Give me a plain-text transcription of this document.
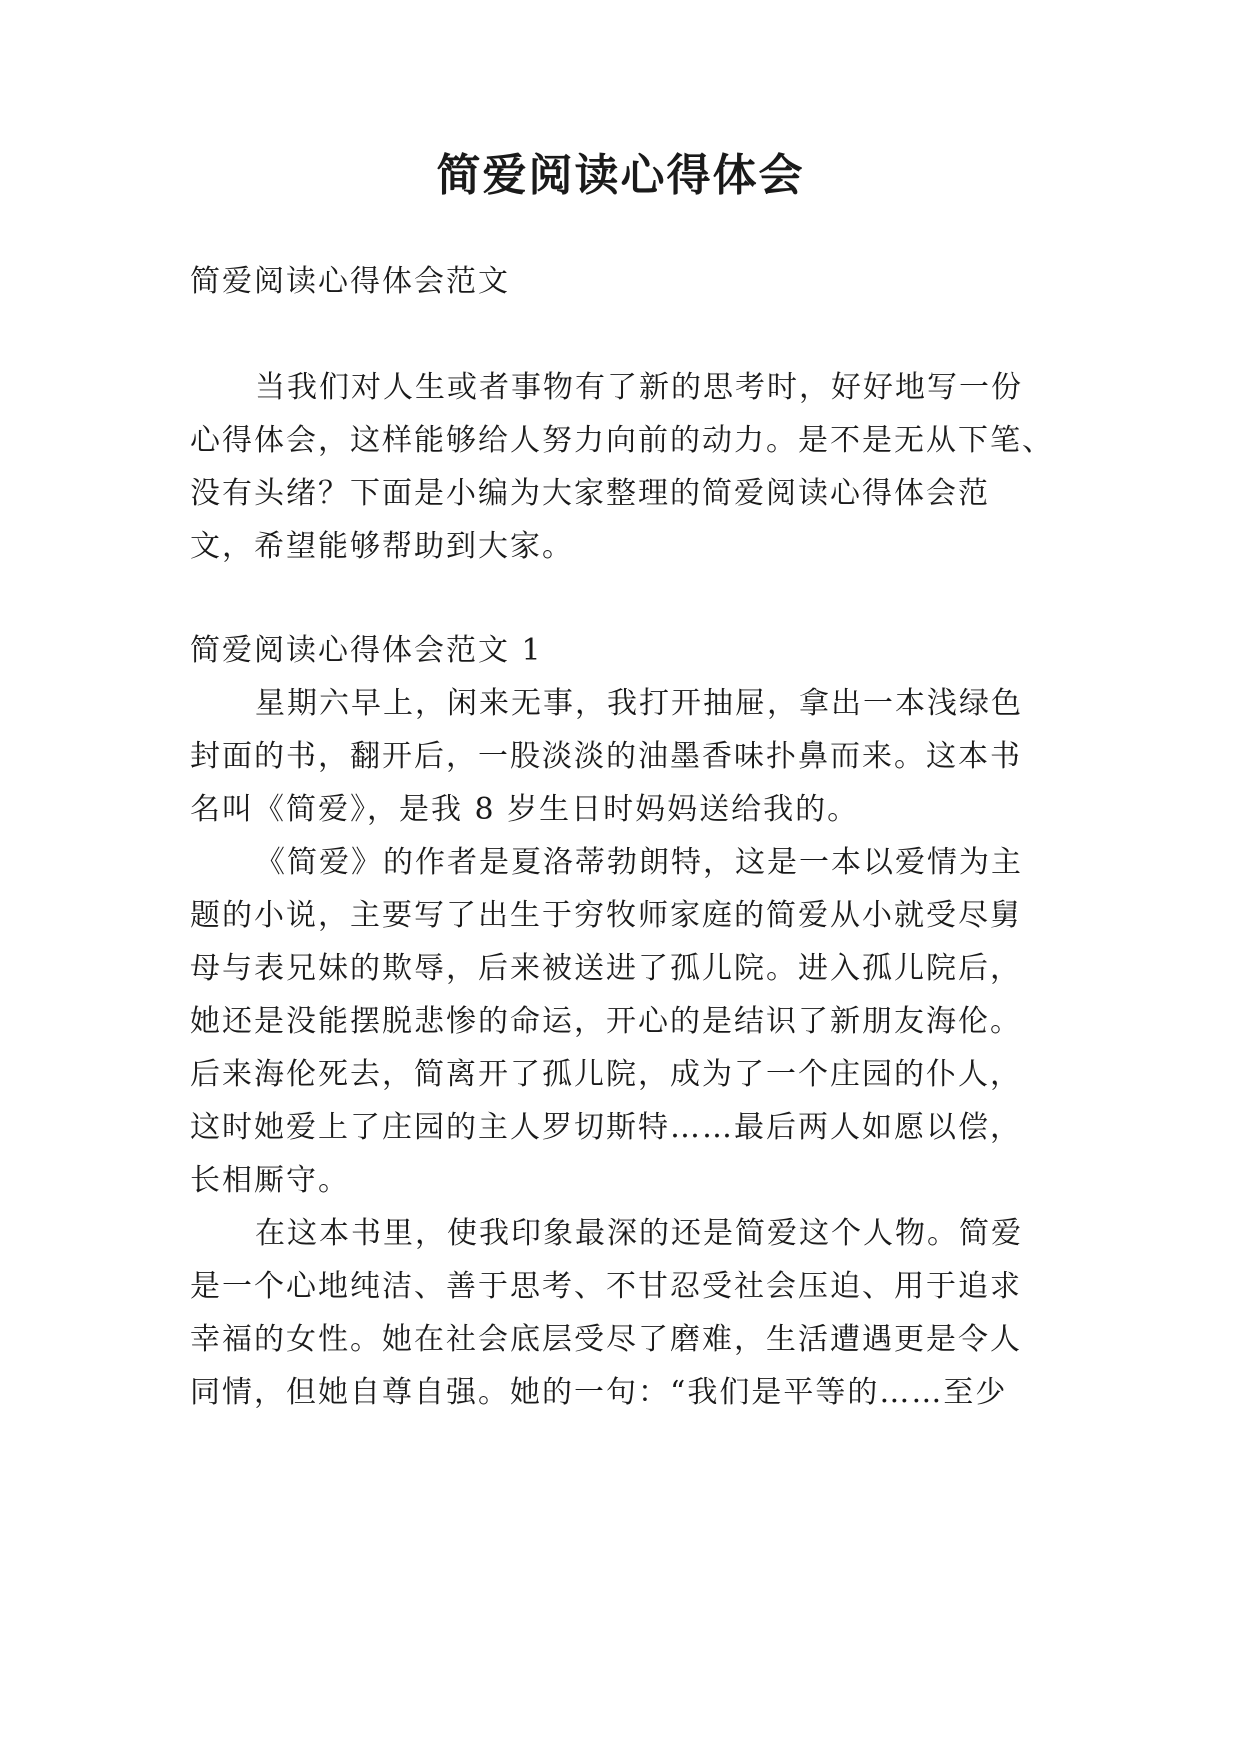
简爱阅读心得体会
简爱阅读心得体会范文
当我们对人生或者事物有了新的思考时，好好地写一份
心得体会，这样能够给人努力向前的动力。是不是无从下笔、
没有头绪？下面是小编为大家整理的简爱阅读心得体会范
文，希望能够帮助到大家。
简爱阅读心得体会范文 1
星期六早上，闲来无事，我打开抽屉，拿出一本浅绿色
封面的书，翻开后，一股淡淡的油墨香味扑鼻而来。这本书
名叫《简爱》，是我 8 岁生日时妈妈送给我的。
《简爱》的作者是夏洛蒂勃朗特，这是一本以爱情为主
题的小说，主要写了出生于穷牧师家庭的简爱从小就受尽舅
母与表兄妹的欺辱，后来被送进了孤儿院。进入孤儿院后，
她还是没能摆脱悲惨的命运，开心的是结识了新朋友海伦。
后来海伦死去，简离开了孤儿院，成为了一个庄园的仆人，
这时她爱上了庄园的主人罗切斯特……最后两人如愿以偿，
长相厮守。
在这本书里，使我印象最深的还是简爱这个人物。简爱
是一个心地纯洁、善于思考、不甘忍受社会压迫、用于追求
幸福的女性。她在社会底层受尽了磨难，生活遭遇更是令人
同情，但她自尊自强。她的一句：“我们是平等的……至少
